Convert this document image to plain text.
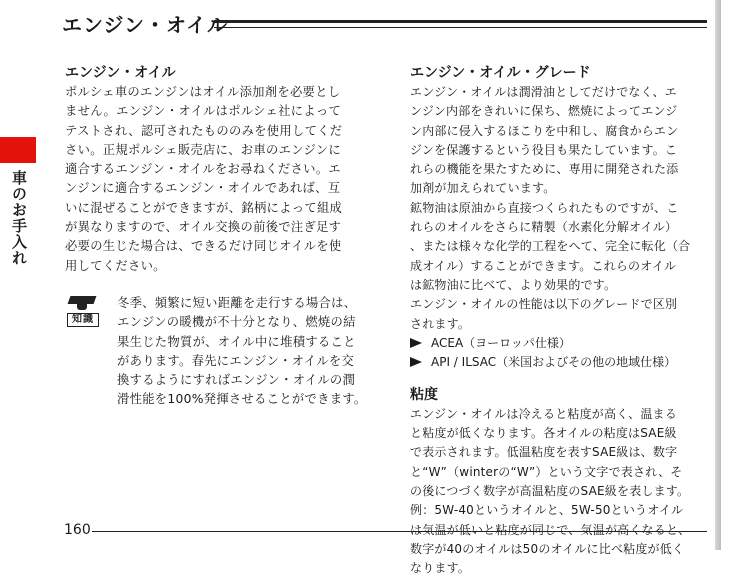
エンジン・オイル
車のお手入れ
エンジン・オイル

ポルシェ車のエンジンはオイル添加剤を必要とし

ません。エンジン・オイルはポルシェ社によって

テストされ、認可されたもののみを使用してくだ

さい。正規ポルシェ販売店に、お車のエンジンに

適合するエンジン・オイルをお尋ねください。エ

ンジンに適合するエンジン・オイルであれば、互

いに混ぜることができますが、銘柄によって組成

が異なりますので、オイル交換の前後で注ぎ足す

必要の生じた場合は、できるだけ同じオイルを使

用してください。

知識

冬季、頻繁に短い距離を走行する場合は、

エンジンの暖機が不十分となり、燃焼の結

果生じた物質が、オイル中に堆積すること

があります。春先にエンジン・オイルを交

換するようにすればエンジン・オイルの潤

滑性能を100%発揮させることができます。

エンジン・オイル・グレード

エンジン・オイルは潤滑油としてだけでなく、エ

ンジン内部をきれいに保ち、燃焼によってエンジ

ン内部に侵入するほこりを中和し、腐食からエン

ジンを保護するという役目も果たしています。こ

れらの機能を果たすために、専用に開発された添

加剤が加えられています。

鉱物油は原油から直接つくられたものですが、こ

れらのオイルをさらに精製（水素化分解オイル）

、または様々な化学的工程をへて、完全に転化（合

成オイル）することができます。これらのオイル

は鉱物油に比べて、より効果的です。

エンジン・オイルの性能は以下のグレードで区別

されます。

ACEA（ヨーロッパ仕様）
API / ILSAC（米国およびその他の地域仕様）
粘度

エンジン・オイルは冷えると粘度が高く、温まる

と粘度が低くなります。各オイルの粘度はSAE級

で表示されます。低温粘度を表すSAE級は、数字

と“W”（winterの“W”）という文字で表され、そ

の後につづく数字が高温粘度のSAE級を表します。

例：5W-40というオイルと、5W-50というオイル

は気温が低いと粘度が同じで、気温が高くなると、

数字が40のオイルは50のオイルに比べ粘度が低く

なります。

160
